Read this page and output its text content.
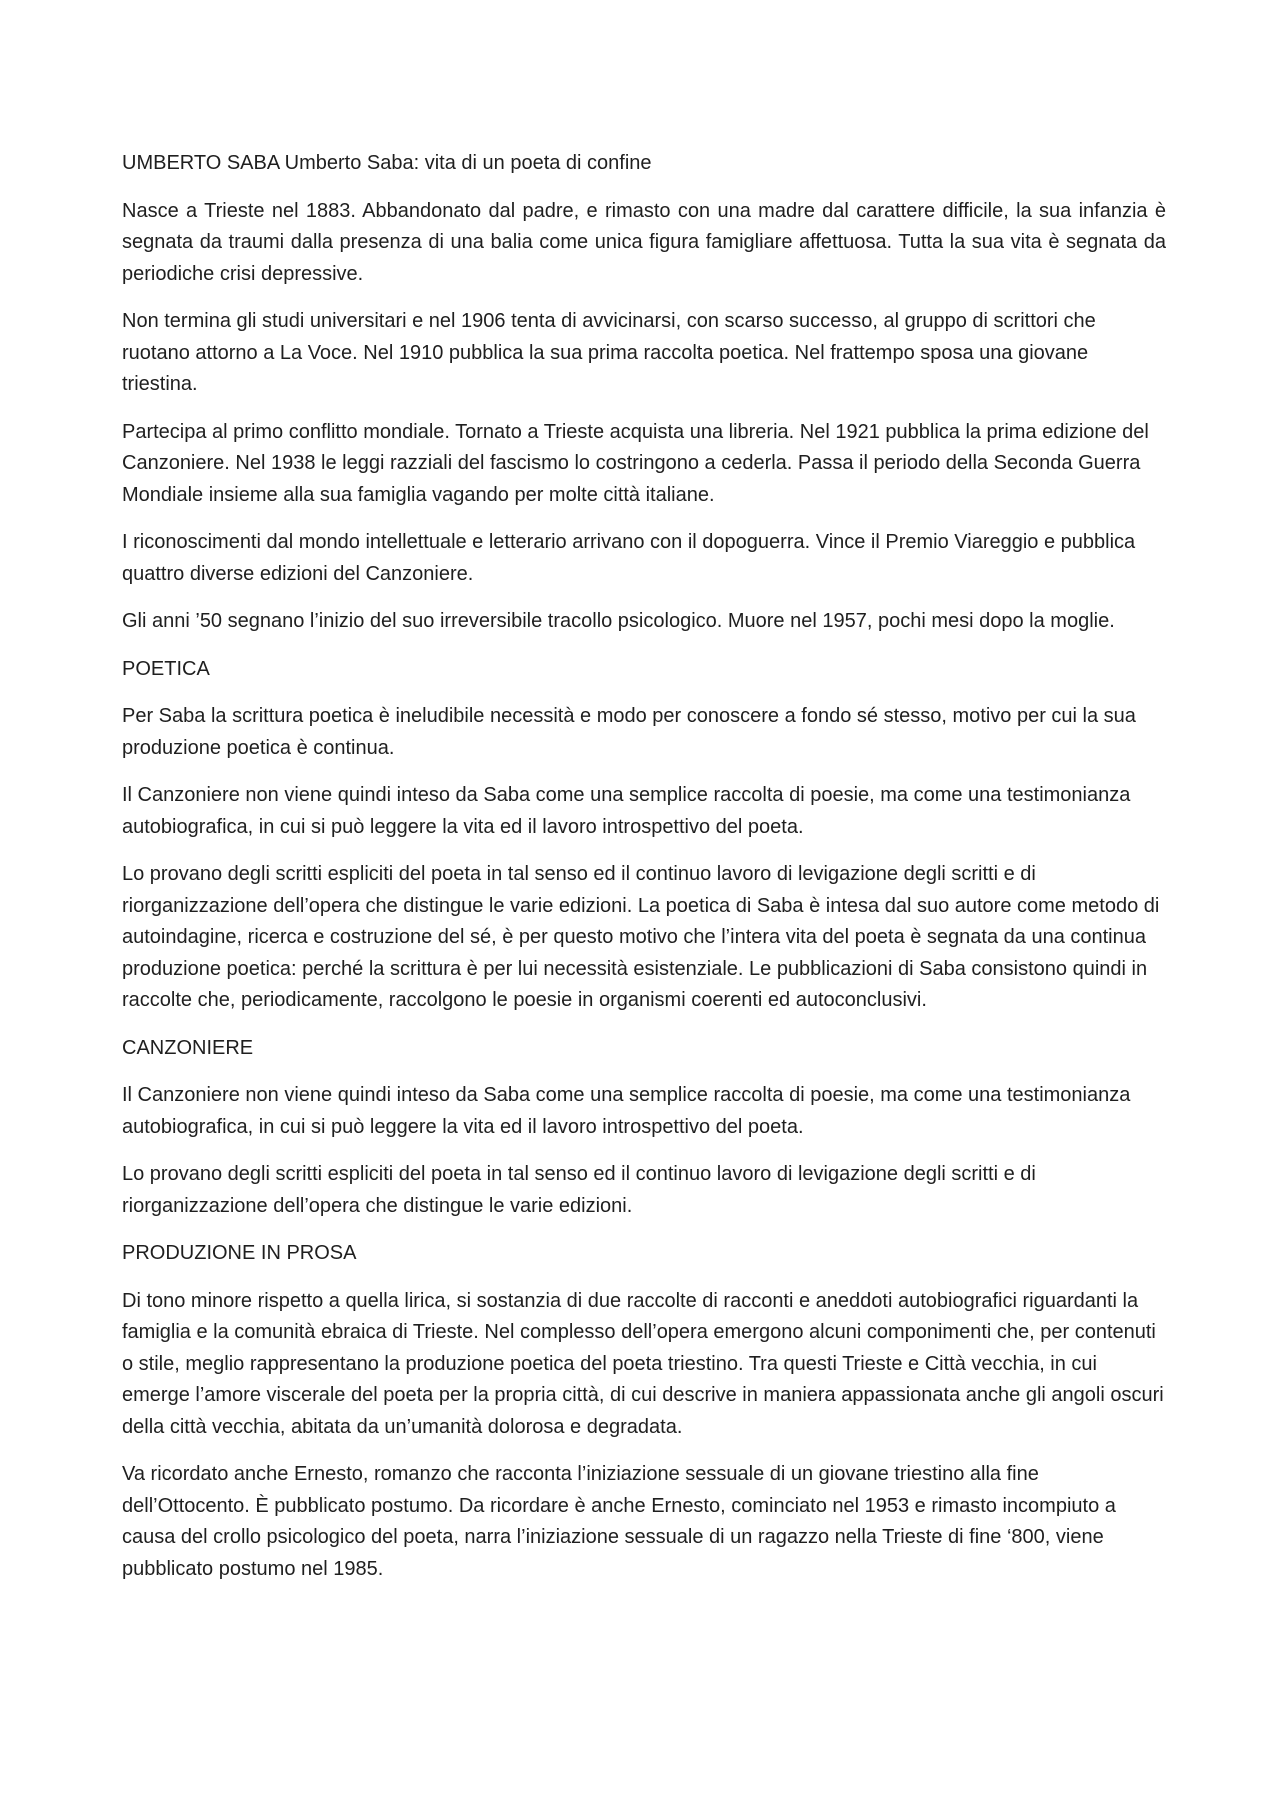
UMBERTO SABA Umberto Saba: vita di un poeta di confine

Nasce a Trieste nel 1883. Abbandonato dal padre, e rimasto con una madre dal carattere difficile, la sua infanzia è segnata da traumi dalla presenza di una balia come unica figura famigliare affettuosa. Tutta la sua vita è segnata da periodiche crisi depressive.

Non termina gli studi universitari e nel 1906 tenta di avvicinarsi, con scarso successo, al gruppo di scrittori che ruotano attorno a La Voce. Nel 1910 pubblica la sua prima raccolta poetica. Nel frattempo sposa una giovane triestina.

Partecipa al primo conflitto mondiale. Tornato a Trieste acquista una libreria. Nel 1921 pubblica la prima edizione del Canzoniere. Nel 1938 le leggi razziali del fascismo lo costringono a cederla. Passa il periodo della Seconda Guerra Mondiale insieme alla sua famiglia vagando per molte città italiane.

I riconoscimenti dal mondo intellettuale e letterario arrivano con il dopoguerra. Vince il Premio Viareggio e pubblica quattro diverse edizioni del Canzoniere.

Gli anni ’50 segnano l’inizio del suo irreversibile tracollo psicologico. Muore nel 1957, pochi mesi dopo la moglie.

POETICA

Per Saba la scrittura poetica è ineludibile necessità e modo per conoscere a fondo sé stesso, motivo per cui la sua produzione poetica è continua.

Il Canzoniere non viene quindi inteso da Saba come una semplice raccolta di poesie, ma come una testimonianza autobiografica, in cui si può leggere la vita ed il lavoro introspettivo del poeta.

Lo provano degli scritti espliciti del poeta in tal senso ed il continuo lavoro di levigazione degli scritti e di riorganizzazione dell’opera che distingue le varie edizioni. La poetica di Saba è intesa dal suo autore come metodo di autoindagine, ricerca e costruzione del sé, è per questo motivo che l’intera vita del poeta è segnata da una continua produzione poetica: perché la scrittura è per lui necessità esistenziale. Le pubblicazioni di Saba consistono quindi in raccolte che, periodicamente, raccolgono le poesie in organismi coerenti ed autoconclusivi.

CANZONIERE

Il Canzoniere non viene quindi inteso da Saba come una semplice raccolta di poesie, ma come una testimonianza autobiografica, in cui si può leggere la vita ed il lavoro introspettivo del poeta.

Lo provano degli scritti espliciti del poeta in tal senso ed il continuo lavoro di levigazione degli scritti e di riorganizzazione dell’opera che distingue le varie edizioni.

PRODUZIONE IN PROSA

Di tono minore rispetto a quella lirica, si sostanzia di due raccolte di racconti e aneddoti autobiografici riguardanti la famiglia e la comunità ebraica di Trieste. Nel complesso dell’opera emergono alcuni componimenti che, per contenuti o stile, meglio rappresentano la produzione poetica del poeta triestino. Tra questi Trieste e Città vecchia, in cui emerge l’amore viscerale del poeta per la propria città, di cui descrive in maniera appassionata anche gli angoli oscuri della città vecchia, abitata da un’umanità dolorosa e degradata.

Va ricordato anche Ernesto, romanzo che racconta l’iniziazione sessuale di un giovane triestino alla fine dell’Ottocento. È pubblicato postumo. Da ricordare è anche Ernesto, cominciato nel 1953 e rimasto incompiuto a causa del crollo psicologico del poeta, narra l’iniziazione sessuale di un ragazzo nella Trieste di fine ‘800, viene pubblicato postumo nel 1985.
